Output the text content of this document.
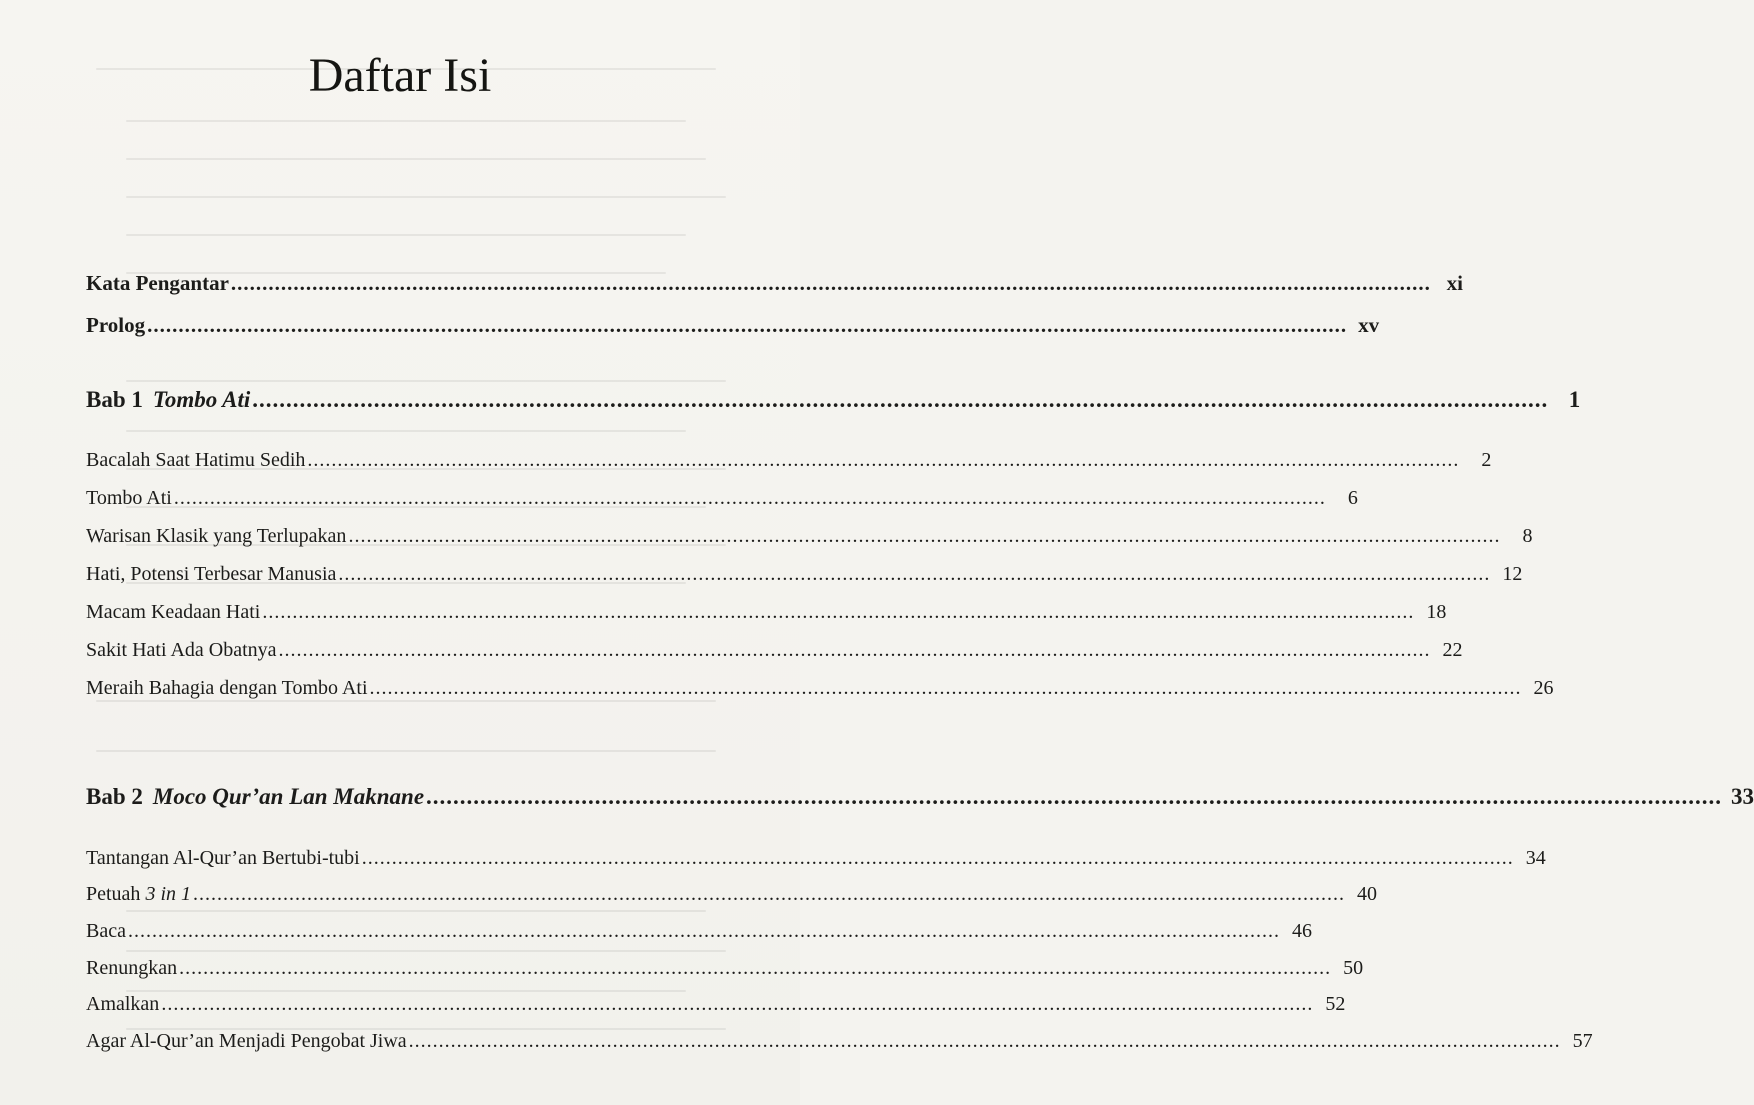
Daftar Isi
Kata Pengantar ................................................................................................................................................................................................ xi
Prolog ................................................................................................................................................................................................ xv
Bab 1 Tombo Ati ................................................................................................................................................................................................ 1
Bacalah Saat Hatimu Sedih ................................................................................................................................................................................................	2
Tombo Ati ................................................................................................................................................................................................	6
Warisan Klasik yang Terlupakan ................................................................................................................................................................................................	8
Hati, Potensi Terbesar Manusia ................................................................................................................................................................................................ 12
Macam Keadaan Hati ................................................................................................................................................................................................ 18
Sakit Hati Ada Obatnya ................................................................................................................................................................................................ 22
Meraih Bahagia dengan Tombo Ati ................................................................................................................................................................................................ 26
Bab 2 Moco Qur’an Lan Maknane ................................................................................................................................................................................................ 33
Tantangan Al-Qur’an Bertubi-tubi ................................................................................................................................................................................................ 34
Petuah 3 in 1 ................................................................................................................................................................................................ 40
Baca ................................................................................................................................................................................................ 46
Renungkan ................................................................................................................................................................................................ 50
Amalkan ................................................................................................................................................................................................ 52
Agar Al-Qur’an Menjadi Pengobat Jiwa ................................................................................................................................................................................................ 57
